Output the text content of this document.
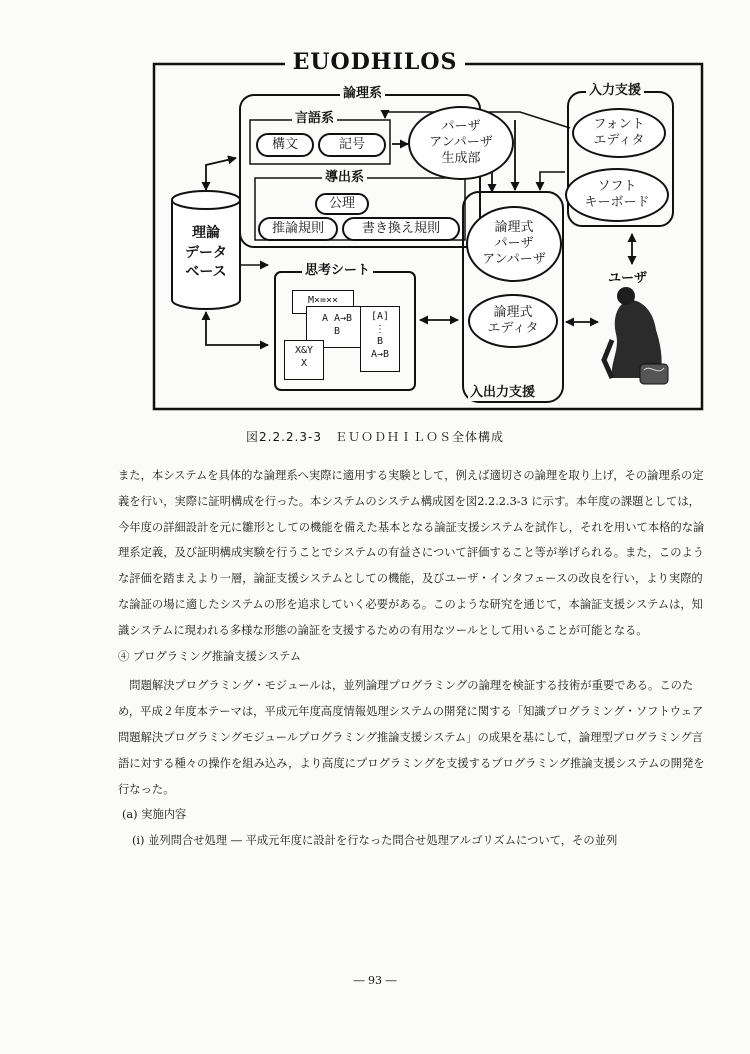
EUODHILOS
論理系
言語系
構文	記号
導出系
公理
推論規則	書き換え規則
パーザ
アンパーザ
生成部
入力支援
フォント
エディタ
ソフト
キーボード
理論
データ
ベース
論理式
パーザ
アンパーザ
論理式
エディタ
思考シート
M×=××
A A→B
B
[A]
⋮
B
A→B
X&Y
X
入出力支援
ユーザ
図2.2.2.3-3　ＥＵＯＤＨＩＬＯＳ全体構成

また，本システムを具体的な論理系へ実際に適用する実験として，例えば適切さの論理を取り上げ，その論理系の定義を行い，実際に証明構成を行った。本システムのシステム構成図を図2.2.2.3-3 に示す。本年度の課題としては，今年度の詳細設計を元に雛形としての機能を備えた基本となる論証支援システムを試作し，それを用いて本格的な論理系定義，及び証明構成実験を行うことでシステムの有益さについて評価すること等が挙げられる。また，このような評価を踏まえより一層，論証支援システムとしての機能，及びユーザ・インタフェースの改良を行い，より実際的な論証の場に適したシステムの形を追求していく必要がある。このような研究を通じて，本論証支援システムは，知識システムに現われる多様な形態の論証を支援するための有用なツールとして用いることが可能となる。

④ プログラミング推論支援システム

問題解決プログラミング・モジュールは，並列論理プログラミングの論理を検証する技術が重要である。このため，平成２年度本テーマは，平成元年度高度情報処理システムの開発に関する「知識プログラミング・ソフトウェア問題解決プログラミングモジュールプログラミング推論支援システム」の成果を基にして，論理型プログラミング言語に対する種々の操作を組み込み，より高度にプログラミングを支援するプログラミング推論支援システムの開発を行なった。

(a) 実施内容

(i) 並列問合せ処理 ― 平成元年度に設計を行なった問合せ処理アルゴリズムについて，その並列

― 93 ―
